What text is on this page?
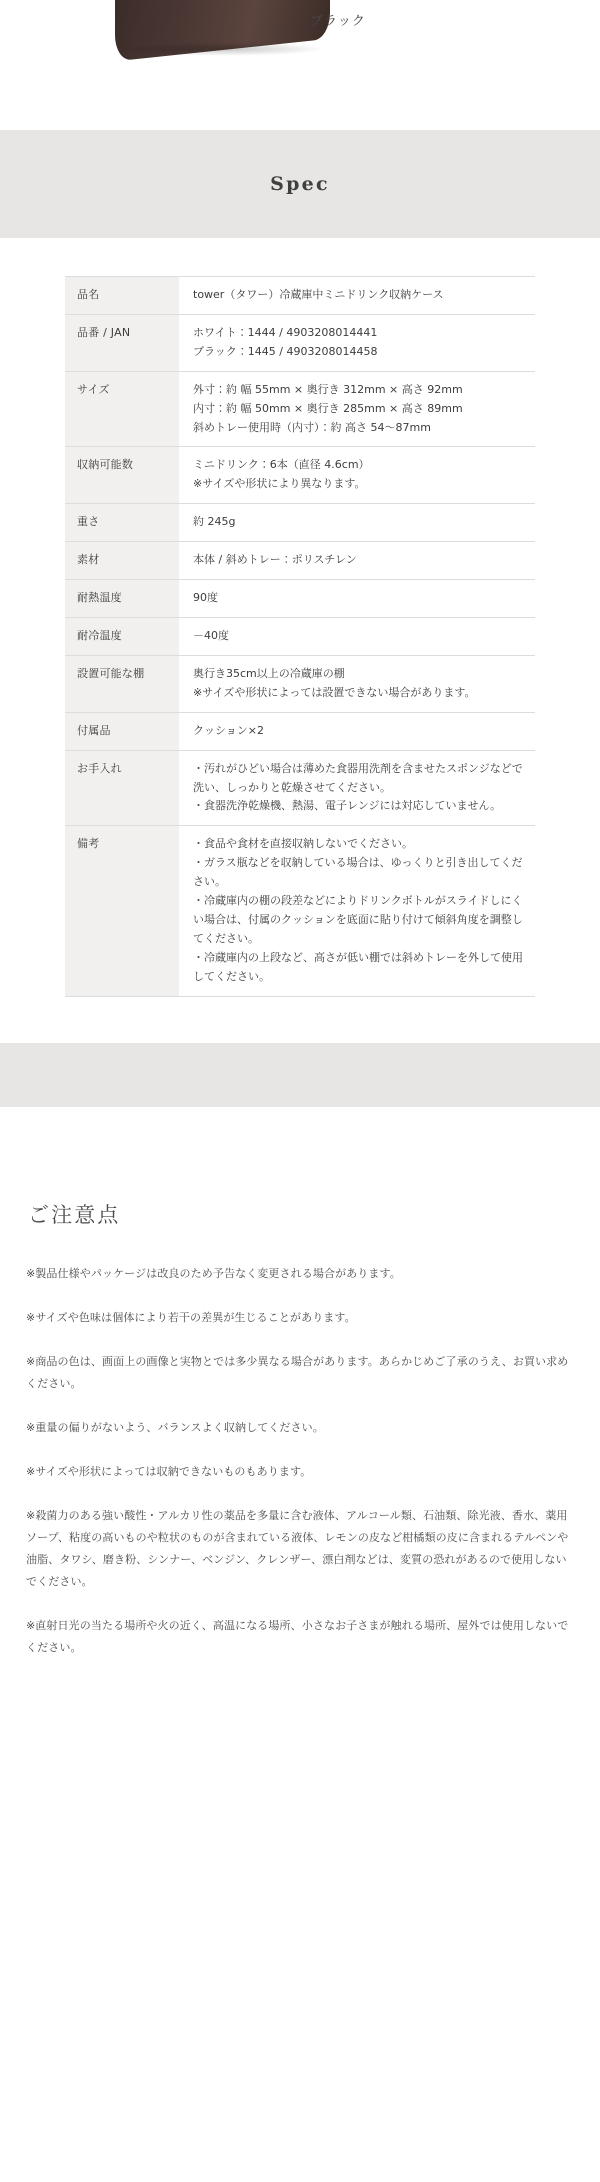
ブラック
Spec
品名	tower（タワー）冷蔵庫中ミニドリンク収納ケース

品番 / JAN	ホワイト：1444 / 4903208014441
ブラック：1445 / 4903208014458

サイズ	外寸：約 幅 55mm × 奥行き 312mm × 高さ 92mm
内寸：約 幅 50mm × 奥行き 285mm × 高さ 89mm
斜めトレー使用時（内寸）：約 高さ 54〜87mm

収納可能数	ミニドリンク：6本（直径 4.6cm）
※サイズや形状により異なります。

重さ	約 245g

素材	本体 / 斜めトレー：ポリスチレン

耐熱温度	90度

耐冷温度	－40度

設置可能な棚	奥行き35cm以上の冷蔵庫の棚
※サイズや形状によっては設置できない場合があります。

付属品	クッション×2

お手入れ	・汚れがひどい場合は薄めた食器用洗剤を含ませたスポンジなどで洗い、しっかりと乾燥させてください。
・食器洗浄乾燥機、熱湯、電子レンジには対応していません。

備考	・食品や食材を直接収納しないでください。
・ガラス瓶などを収納している場合は、ゆっくりと引き出してください。
・冷蔵庫内の棚の段差などによりドリンクボトルがスライドしにくい場合は、付属のクッションを底面に貼り付けて傾斜角度を調整してください。
・冷蔵庫内の上段など、高さが低い棚では斜めトレーを外して使用してください。
ご注意点

※製品仕様やパッケージは改良のため予告なく変更される場合があります。

※サイズや色味は個体により若干の差異が生じることがあります。

※商品の色は、画面上の画像と実物とでは多少異なる場合があります。あらかじめご了承のうえ、お買い求めください。

※重量の偏りがないよう、バランスよく収納してください。

※サイズや形状によっては収納できないものもあります。

※殺菌力のある強い酸性・アルカリ性の薬品を多量に含む液体、アルコール類、石油類、除光液、香水、薬用ソープ、粘度の高いものや粒状のものが含まれている液体、レモンの皮など柑橘類の皮に含まれるテルペンや油脂、タワシ、磨き粉、シンナー、ベンジン、クレンザー、漂白剤などは、変質の恐れがあるので使用しないでください。

※直射日光の当たる場所や火の近く、高温になる場所、小さなお子さまが触れる場所、屋外では使用しないでください。
